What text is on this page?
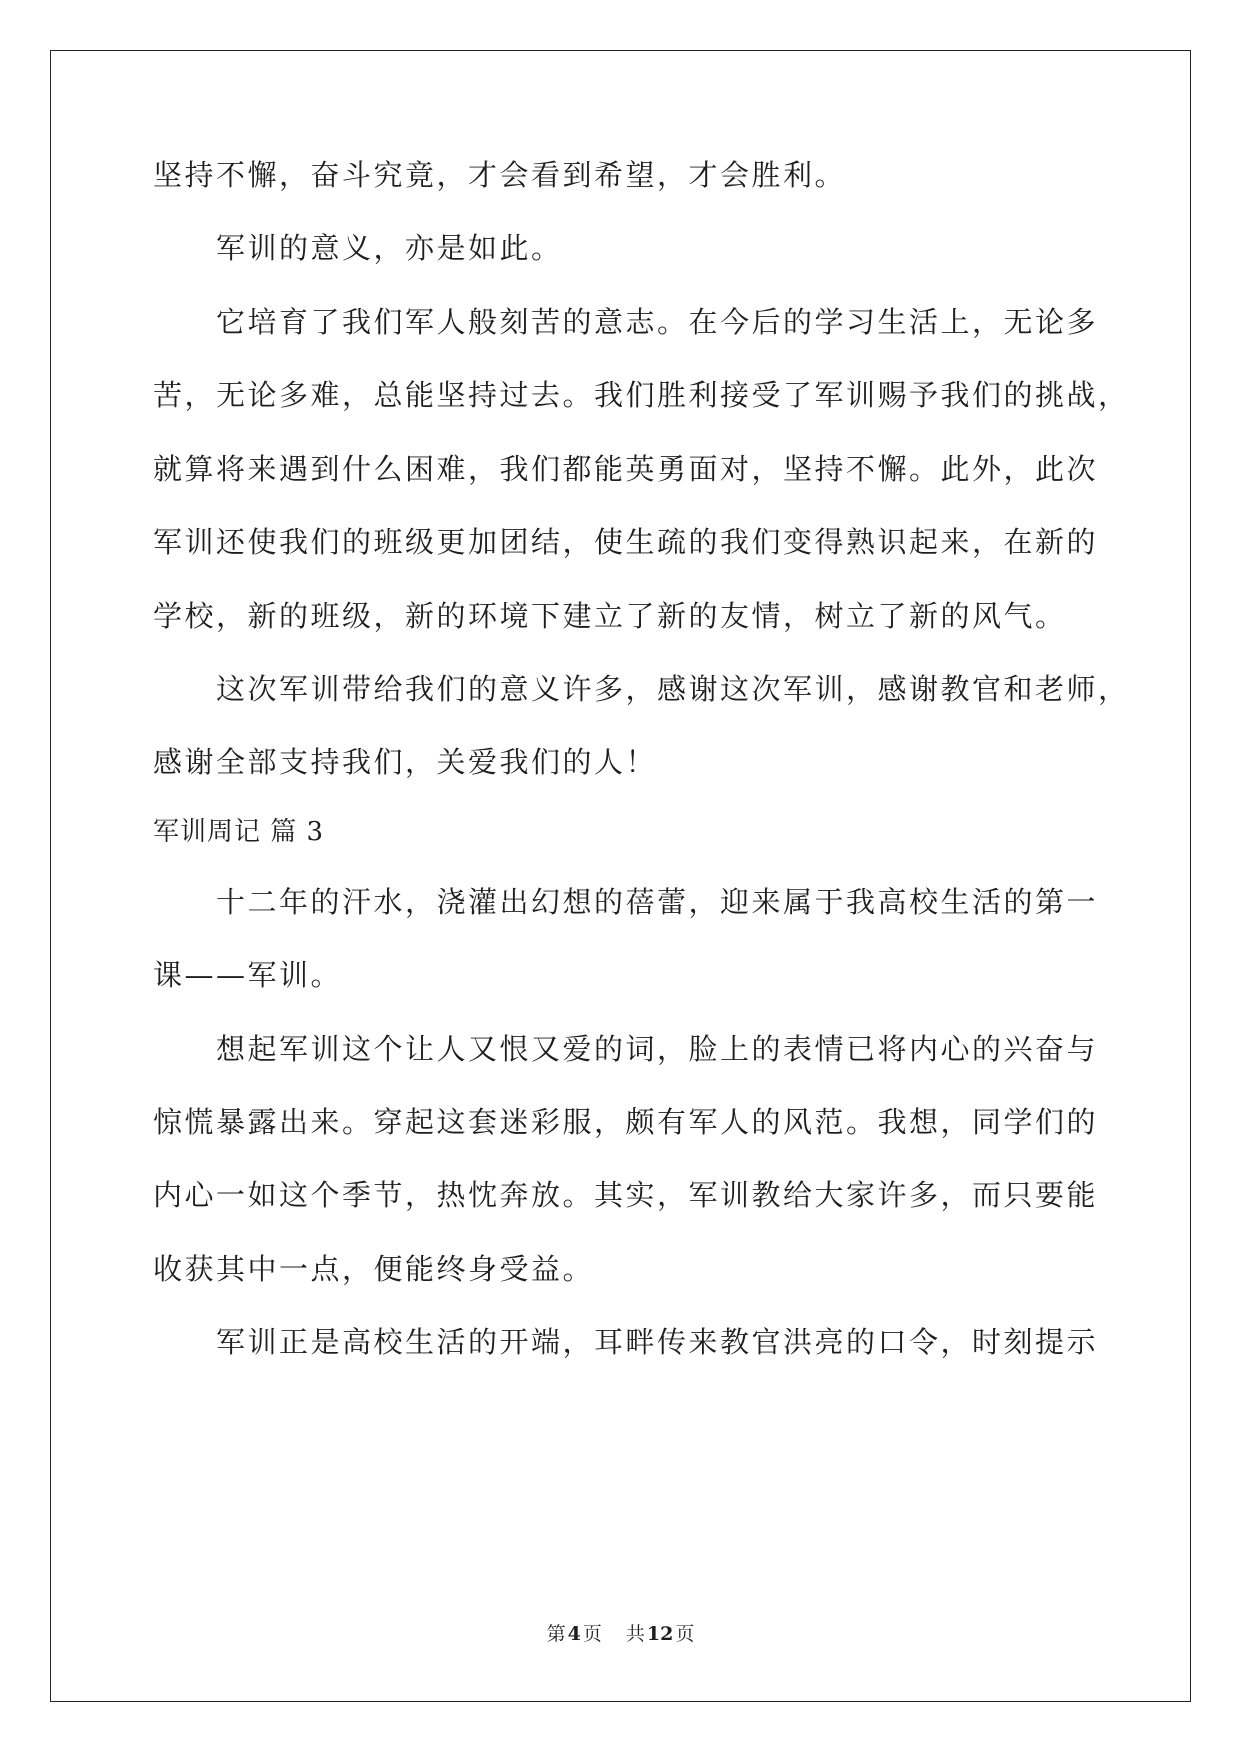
坚持不懈，奋斗究竟，才会看到希望，才会胜利。
军训的意义，亦是如此。
它培育了我们军人般刻苦的意志。在今后的学习生活上，无论多
苦，无论多难，总能坚持过去。我们胜利接受了军训赐予我们的挑战，
就算将来遇到什么困难，我们都能英勇面对，坚持不懈。此外，此次
军训还使我们的班级更加团结，使生疏的我们变得熟识起来，在新的
学校，新的班级，新的环境下建立了新的友情，树立了新的风气。
这次军训带给我们的意义许多，感谢这次军训，感谢教官和老师，
感谢全部支持我们，关爱我们的人！
军训周记 篇 3
十二年的汗水，浇灌出幻想的蓓蕾，迎来属于我高校生活的第一
课——军训。
想起军训这个让人又恨又爱的词，脸上的表情已将内心的兴奋与
惊慌暴露出来。穿起这套迷彩服，颇有军人的风范。我想，同学们的
内心一如这个季节，热忱奔放。其实，军训教给大家许多，而只要能
收获其中一点，便能终身受益。
军训正是高校生活的开端，耳畔传来教官洪亮的口令，时刻提示
第 4 页 共 12 页
